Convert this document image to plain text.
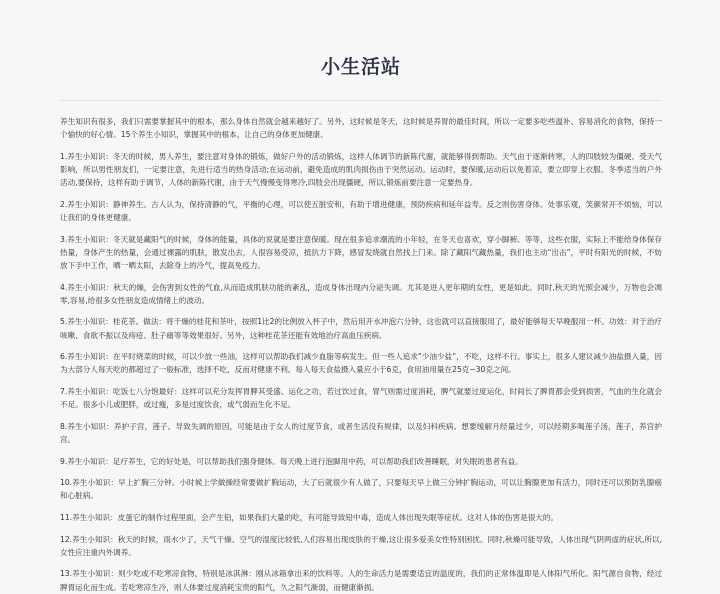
小生活站

养生知识有很多，我们只需要掌握其中的根本，那么身体自然就会越来越好了。另外，这时候是冬天，这时候是养胃的最佳时间，所以一定要多吃些温补、容易消化的食物，保持一个愉快的好心情。15个养生小知识，掌握其中的根本，让自己的身体更加健康。

1.养生小知识：冬天的时候，男人养生，要注意对身体的锻炼，做好户外的活动锻炼，这样人体调节的新陈代谢，就能够得到帮助。天气由于逐渐转寒，人的四肢较为僵硬、受天气影响，所以男性朋友们，一定要注意，先进行适当的热身活动;在运动前，避免造成的肌肉损伤由于突然运动。运动时，要保暖,运动后以免着凉，要立即穿上衣服。冬季适当的户外活动,要保持，这样有助于调节，人体的新陈代谢，由于天气慢慢变得寒冷,四肢会出现僵硬，所以,锻炼前要注意一定要热身。

2.养生小知识：静神养生。古人认为，保持清静的气，平衡的心理，可以使五脏安和，有助于增进健康，预防疾病和延年益寿。反之则伤害身体。处事乐观，笑颜常开不烦恼，可以让我们的身体更健康。

3.养生小知识：冬天就是藏阳气的时候，身体的能量，具体的说就是要注意保暖。现在很多追求潮流的小年轻，在冬天也喜欢，穿小脚裤、等等，这些衣服，实际上不能给身体保存热量，身体产生的热量，会通过裸露的肌肤，散发出去，人很容易受凉，抵抗力下降，感冒发烧就自然找上门来。除了藏阳气藏热量，我们也主动“出击”，平时有阳光的时候，不妨放下手中工作，晒一晒太阳，去除身上的冷气，提高免疫力。

4.养生小知识：秋天的燥，会伤害到女性的气血,从而造成肌肤功能的紊乱，造成身体出现内分泌失调。尤其是进入更年期的女性，更是如此。同时,秋天的光照会减少，万物也会凋零,容易,给很多女性朋友造成情绪上的波动。

5.养生小知识：桂花茶。做法：将干燥的桂花和茶叶，按照1比2的比例放入杯子中，然后用开水冲泡六分钟，这也就可以直接服用了，最好能够每天早晚服用一杯。功效：对于治疗咳嗽、食欲不振以及痔疮、肚子痛等等效果很好。另外，这种桂花茶还能有效地治疗高血压疾病。

6.养生小知识：在平时烧菜的时候，可以少放一些油，这样可以帮助我们减少血脂等病发生。但一些人追求“少油少盐”，不吃，这样不行。事实上，很多人建议减少油盐摄入量，因为大部分人每天吃的都超过了一般标准，选择不吃，反而对健康不利。每人每天食盐摄入量应小于6克，食用油用量在25克~30克之间。

7.养生小知识：吃饭七八分饱最好：这样可以充分发挥胃脾其受盛、运化之功，若过饮过食，胃气则需过度消耗，脾气就要过度运化，时间长了脾胃都会受到损害，气血的生化就会不足。很多小儿或肥胖，或过瘦，多是过度饮食，或气弱而生化不足。

8.养生小知识：养护子宫，莲子。导致失调的原因，可能是由于女人的过度节食，或者生活没有规律，以及妇科疾病。想要缓解月经量过少，可以经期多喝莲子汤，莲子，养宫护宫。

9.养生小知识：足疗养生，它的好处是，可以帮助我们强身健体。每天晚上进行泡脚用中药，可以帮助我们改善睡眠，对失眠的患者有益。

10.养生小知识：早上扩胸三分钟。小时候上学做操经常要做扩胸运动，大了后就很少有人做了，只要每天早上做三分钟扩胸运动，可以让胸腺更加有活力，同时还可以预防乳腺癌和心脏病。

11.养生小知识：皮蛋它的制作过程里面，会产生铅，如果我们大量的吃，有可能导致铅中毒，造成人体出现失眠等症状。这对人体的伤害是很大的。

12.养生小知识：秋天的时候，雨水少了，天气干燥、空气的湿度比较低,人们容易出现皮肤的干燥,这让很多爱美女性特别困扰。同时,秋燥可能导致，人体出现气阴两虚的症状,所以,女性应注重内外调养。

13.养生小知识：则少吃或不吃寒凉食物，特别是冰淇淋：刚从冰箱拿出来的饮料等。人的生命活力是需要适宜的温度的，我们的正常体温即是人体阳气所化。阳气源自食物，经过脾胃运化而生成。若吃寒凉生冷，则人体要过度消耗宝贵的阳气，久之阳气渐弱，而健康渐损。
